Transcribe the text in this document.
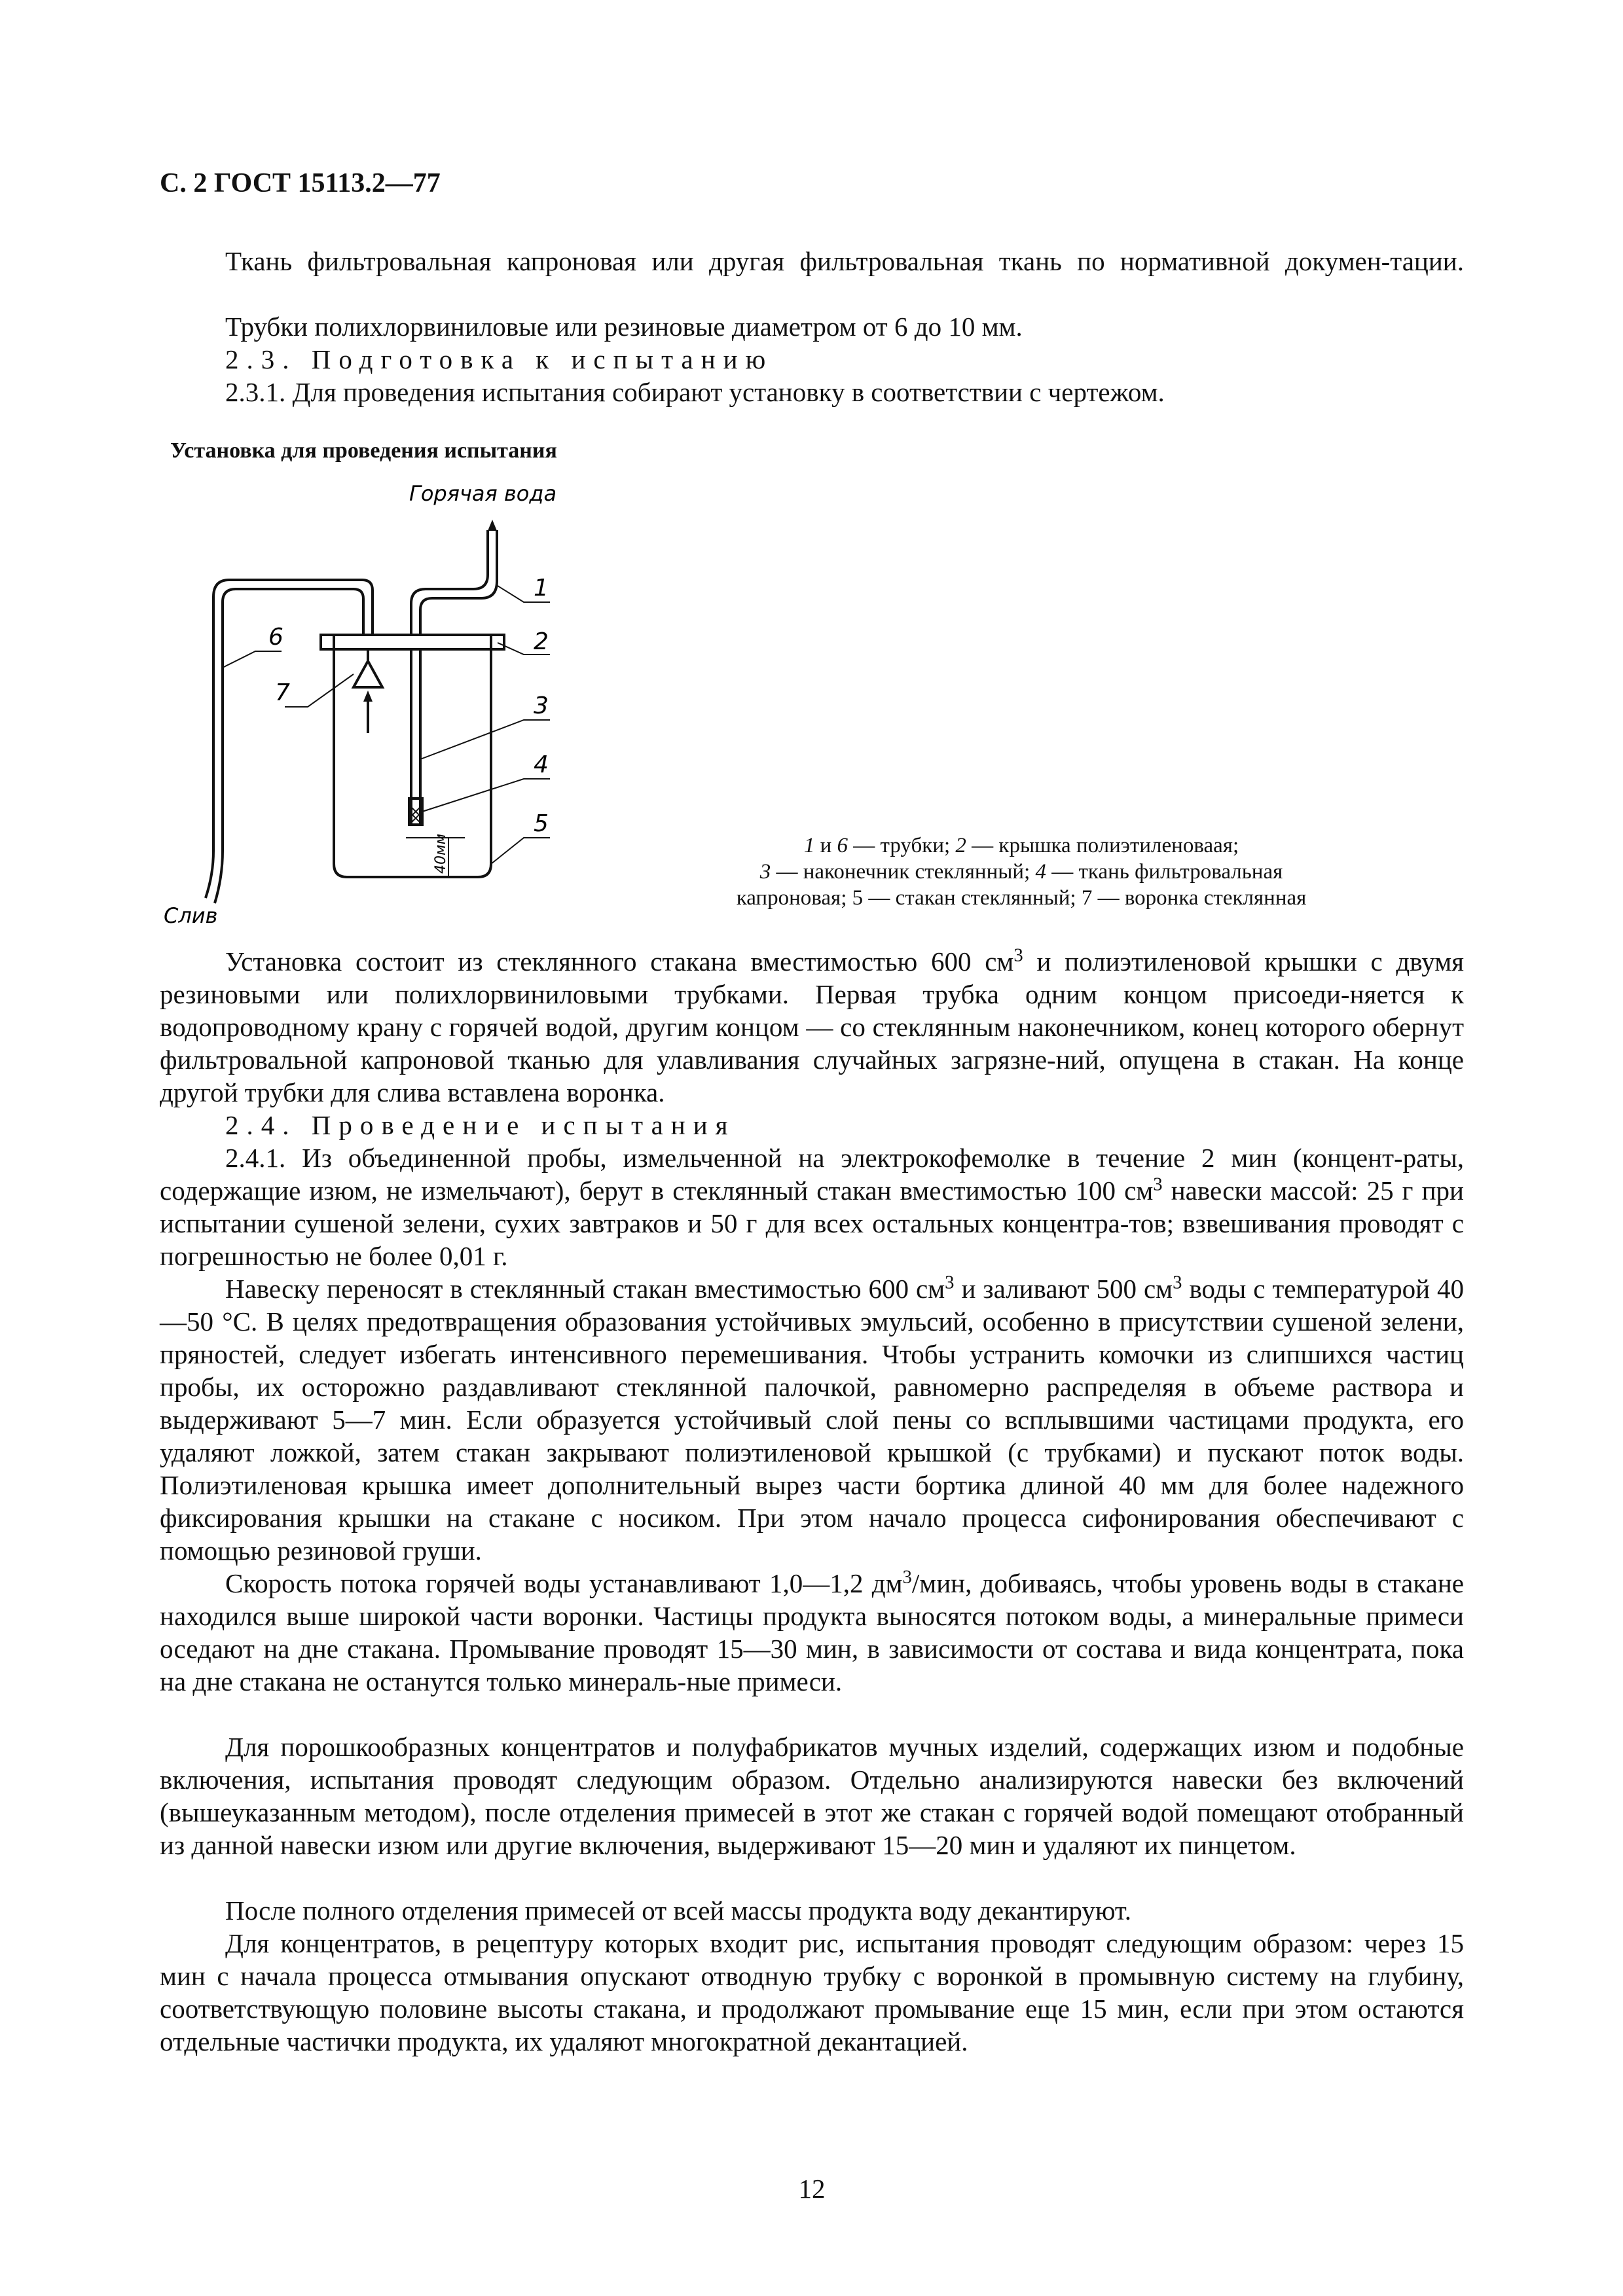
С. 2 ГОСТ 15113.2—77

Ткань фильтровальная капроновая или другая фильтровальная ткань по нормативной докумен-тации.

Трубки полихлорвиниловые или резиновые диаметром от 6 до 10 мм.

2.3. Подготовка к испытанию

2.3.1. Для проведения испытания собирают установку в соответствии с чертежом.

Установка для проведения испытания
Горячая вода
Слив
40мм
1
2
3
4
5
6
7

1 и 6 — трубки; 2 — крышка полиэтиленоваая;
3 — наконечник стеклянный; 4 — ткань фильтровальная
капроновая; 5 — стакан стеклянный; 7 — воронка стеклянная

Установка состоит из стеклянного стакана вместимостью 600 $см^3$ и полиэтиленовой крышки с двумя резиновыми или полихлорвиниловыми трубками. Первая трубка одним концом присоеди-няется к водопроводному крану с горячей водой, другим концом — со стеклянным наконечником, конец которого обернут фильтровальной капроновой тканью для улавливания случайных загрязне-ний, опущена в стакан. На конце другой трубки для слива вставлена воронка.

2.4. Проведение испытания

2.4.1. Из объединенной пробы, измельченной на электрокофемолке в течение 2 мин (концент-раты, содержащие изюм, не измельчают), берут в стеклянный стакан вместимостью 100 $см^3$ навески массой: 25 г при испытании сушеной зелени, сухих завтраков и 50 г для всех остальных концентра-тов; взвешивания проводят с погрешностью не более 0,01 г.

Навеску переносят в стеклянный стакан вместимостью 600 $см^3$ и заливают 500 $см^3$ воды с температурой 40—50 °С. В целях предотвращения образования устойчивых эмульсий, особенно в присутствии сушеной зелени, пряностей, следует избегать интенсивного перемешивания. Чтобы устранить комочки из слипшихся частиц пробы, их осторожно раздавливают стеклянной палочкой, равномерно распределяя в объеме раствора и выдерживают 5—7 мин. Если образуется устойчивый слой пены со всплывшими частицами продукта, его удаляют ложкой, затем стакан закрывают полиэтиленовой крышкой (с трубками) и пускают поток воды. Полиэтиленовая крышка имеет дополнительный вырез части бортика длиной 40 мм для более надежного фиксирования крышки на стакане с носиком. При этом начало процесса сифонирования обеспечивают с помощью резиновой груши.

Скорость потока горячей воды устанавливают 1,0—1,2 $дм^3$/мин, добиваясь, чтобы уровень воды в стакане находился выше широкой части воронки. Частицы продукта выносятся потоком воды, а минеральные примеси оседают на дне стакана. Промывание проводят 15—30 мин, в зависимости от состава и вида концентрата, пока на дне стакана не останутся только минераль-ные примеси.

Для порошкообразных концентратов и полуфабрикатов мучных изделий, содержащих изюм и подобные включения, испытания проводят следующим образом. Отдельно анализируются навески без включений (вышеуказанным методом), после отделения примесей в этот же стакан с горячей водой помещают отобранный из данной навески изюм или другие включения, выдерживают 15—20 мин и удаляют их пинцетом.

После полного отделения примесей от всей массы продукта воду декантируют.

Для концентратов, в рецептуру которых входит рис, испытания проводят следующим образом: через 15 мин с начала процесса отмывания опускают отводную трубку с воронкой в промывную систему на глубину, соответствующую половине высоты стакана, и продолжают промывание еще 15 мин, если при этом остаются отдельные частички продукта, их удаляют многократной декантацией.

12
